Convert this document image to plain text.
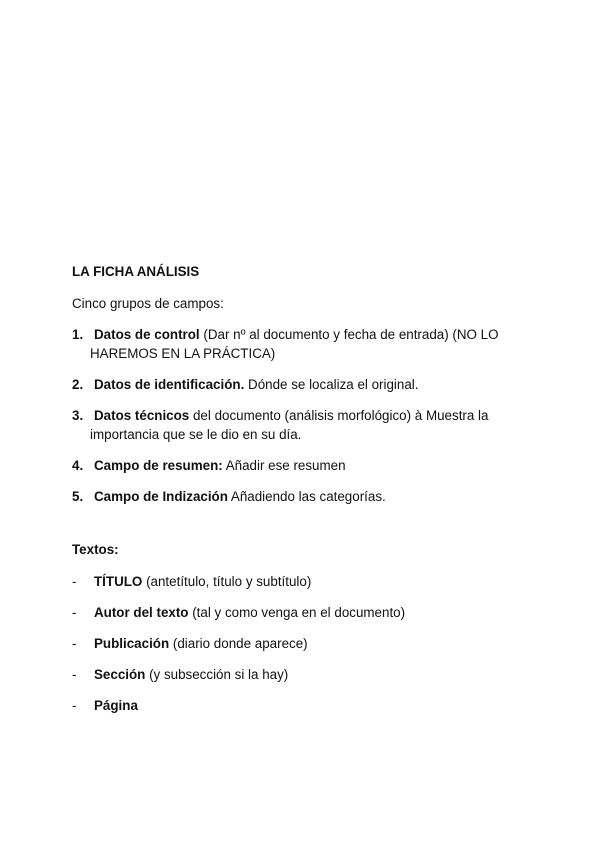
LA FICHA ANÁLISIS

Cinco grupos de campos:

1. Datos de control (Dar nº al documento y fecha de entrada) (NO LO HAREMOS EN LA PRÁCTICA)
2. Datos de identificación. Dónde se localiza el original.
3. Datos técnicos del documento (análisis morfológico) à Muestra la importancia que se le dio en su día.
4. Campo de resumen: Añadir ese resumen
5. Campo de Indización Añadiendo las categorías.

Textos:

- TÍTULO (antetítulo, título y subtítulo)
- Autor del texto (tal y como venga en el documento)
- Publicación (diario donde aparece)
- Sección (y subsección si la hay)
- Página
